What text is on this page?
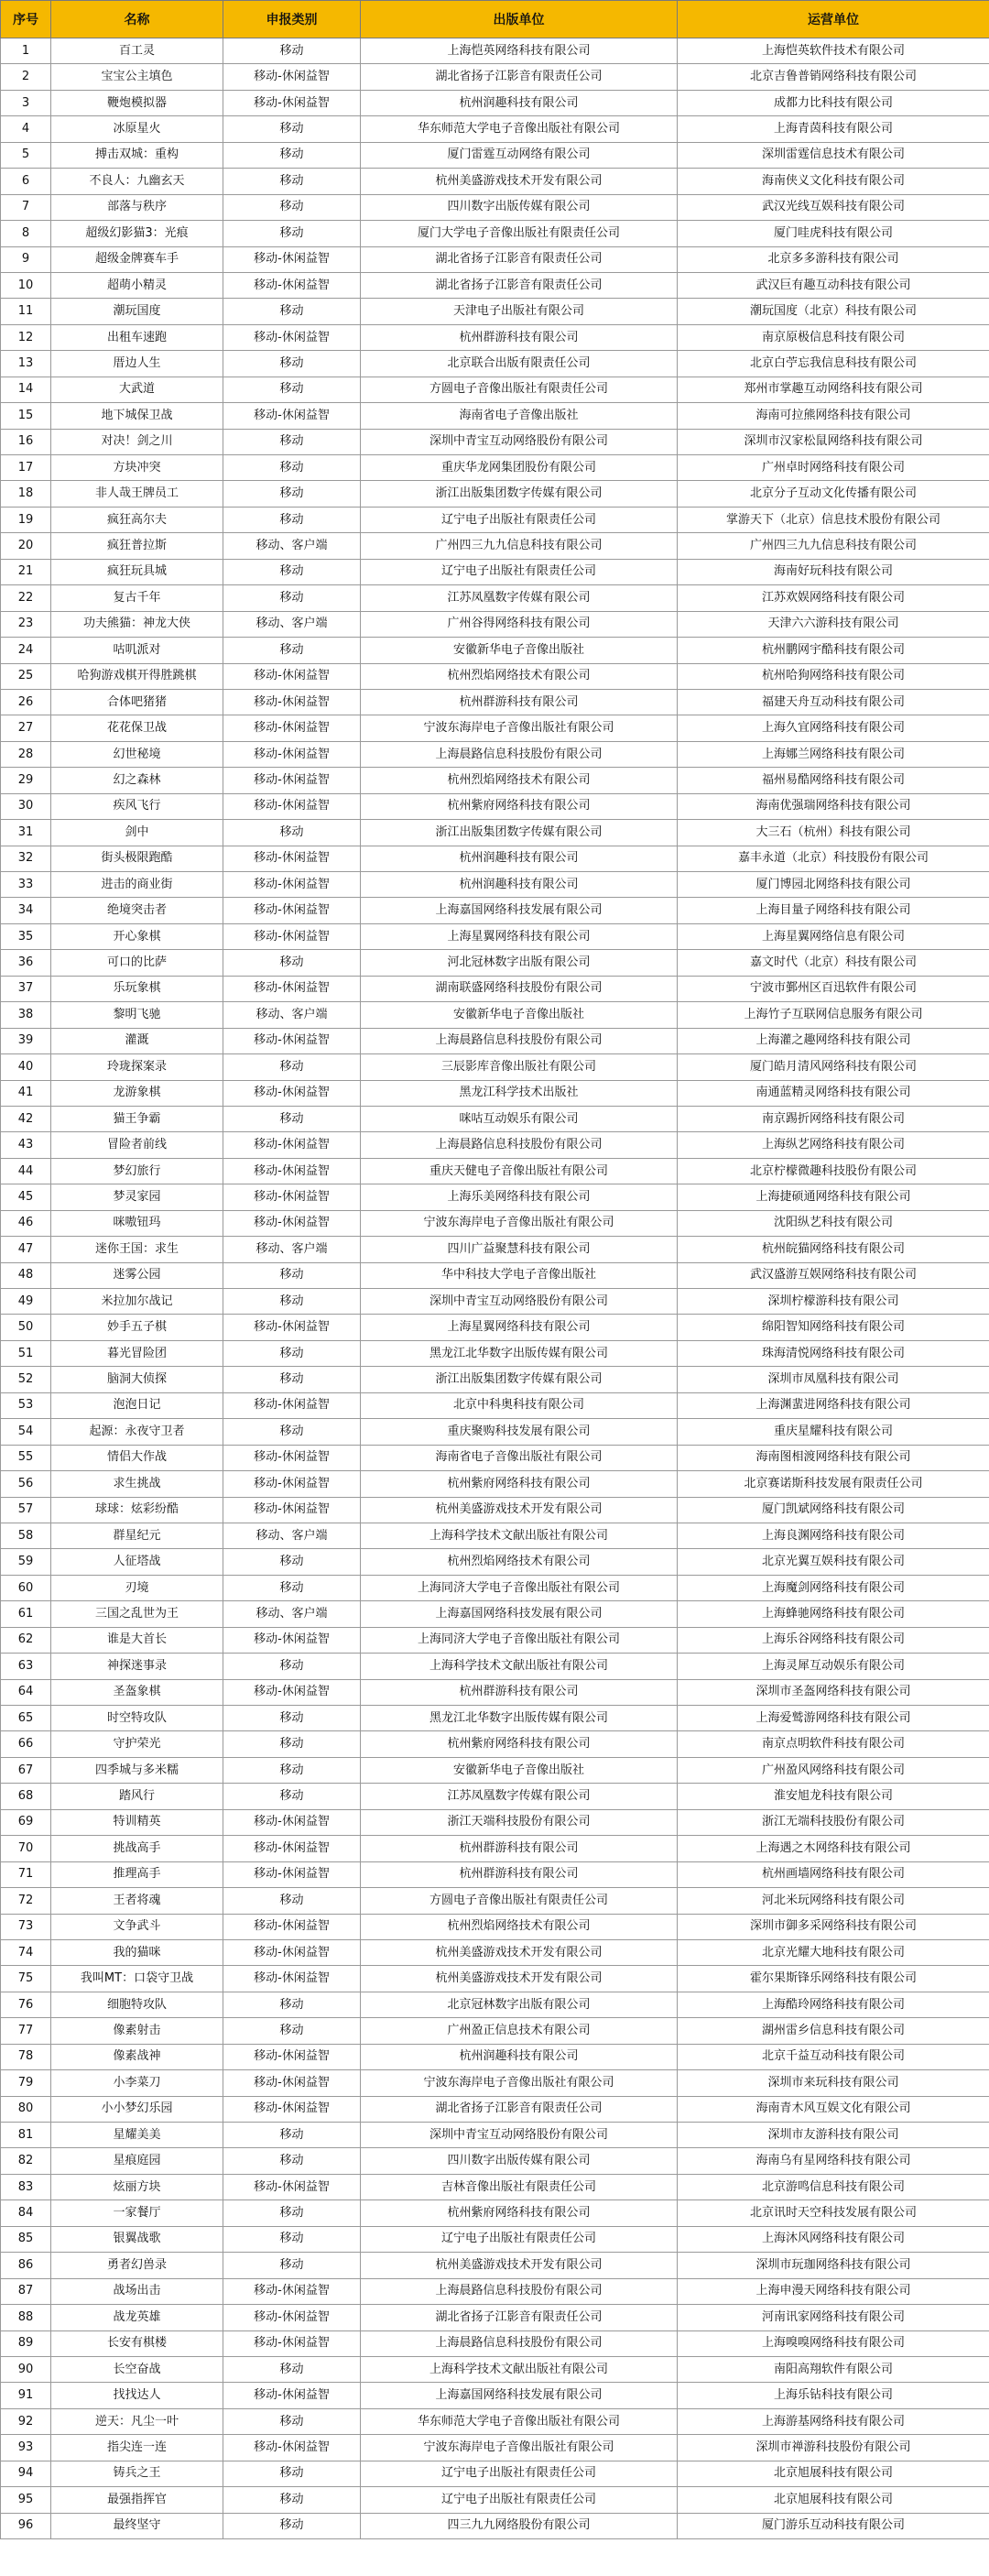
序号	名称	申报类别	出版单位	运营单位
1	百工灵	移动	上海恺英网络科技有限公司	上海恺英软件技术有限公司
2	宝宝公主填色	移动-休闲益智	湖北省扬子江影音有限责任公司	北京吉鲁普销网络科技有限公司
3	鞭炮模拟器	移动-休闲益智	杭州润趣科技有限公司	成都力比科技有限公司
4	冰原星火	移动	华东师范大学电子音像出版社有限公司	上海青茵科技有限公司
5	搏击双城：重构	移动	厦门雷霆互动网络有限公司	深圳雷霆信息技术有限公司
6	不良人：九幽玄天	移动	杭州美盛游戏技术开发有限公司	海南侠义文化科技有限公司
7	部落与秩序	移动	四川数字出版传媒有限公司	武汉光线互娱科技有限公司
8	超级幻影猫3：光痕	移动	厦门大学电子音像出版社有限责任公司	厦门哇虎科技有限公司
9	超级金牌赛车手	移动-休闲益智	湖北省扬子江影音有限责任公司	北京多多游科技有限公司
10	超萌小精灵	移动-休闲益智	湖北省扬子江影音有限责任公司	武汉巨有趣互动科技有限公司
11	潮玩国度	移动	天津电子出版社有限公司	潮玩国度（北京）科技有限公司
12	出租车速跑	移动-休闲益智	杭州群游科技有限公司	南京原极信息科技有限公司
13	厝边人生	移动	北京联合出版有限责任公司	北京白苧忘我信息科技有限公司
14	大武道	移动	方圆电子音像出版社有限责任公司	郑州市掌趣互动网络科技有限公司
15	地下城保卫战	移动-休闲益智	海南省电子音像出版社	海南可拉熊网络科技有限公司
16	对决！剑之川	移动	深圳中青宝互动网络股份有限公司	深圳市汉家松鼠网络科技有限公司
17	方块冲突	移动	重庆华龙网集团股份有限公司	广州卓时网络科技有限公司
18	非人哉王牌员工	移动	浙江出版集团数字传媒有限公司	北京分子互动文化传播有限公司
19	疯狂高尔夫	移动	辽宁电子出版社有限责任公司	掌游天下（北京）信息技术股份有限公司
20	疯狂普拉斯	移动、客户端	广州四三九九信息科技有限公司	广州四三九九信息科技有限公司
21	疯狂玩具城	移动	辽宁电子出版社有限责任公司	海南好玩科技有限公司
22	复古千年	移动	江苏凤凰数字传媒有限公司	江苏欢娱网络科技有限公司
23	功夫熊猫：神龙大侠	移动、客户端	广州谷得网络科技有限公司	天津六六游科技有限公司
24	咕叽派对	移动	安徽新华电子音像出版社	杭州鹏网宇酷科技有限公司
25	哈狗游戏棋开得胜跳棋	移动-休闲益智	杭州烈焰网络技术有限公司	杭州哈狗网络科技有限公司
26	合体吧猪猪	移动-休闲益智	杭州群游科技有限公司	福建天舟互动科技有限公司
27	花花保卫战	移动-休闲益智	宁波东海岸电子音像出版社有限公司	上海久宜网络科技有限公司
28	幻世秘境	移动-休闲益智	上海晨路信息科技股份有限公司	上海娜兰网络科技有限公司
29	幻之森林	移动-休闲益智	杭州烈焰网络技术有限公司	福州易酷网络科技有限公司
30	疾风飞行	移动-休闲益智	杭州紫府网络科技有限公司	海南优强瑞网络科技有限公司
31	剑中	移动	浙江出版集团数字传媒有限公司	大三石（杭州）科技有限公司
32	街头极限跑酷	移动-休闲益智	杭州润趣科技有限公司	嘉丰永道（北京）科技股份有限公司
33	进击的商业街	移动-休闲益智	杭州润趣科技有限公司	厦门博园北网络科技有限公司
34	绝境突击者	移动-休闲益智	上海嘉国网络科技发展有限公司	上海目量子网络科技有限公司
35	开心象棋	移动-休闲益智	上海星翼网络科技有限公司	上海星翼网络信息有限公司
36	可口的比萨	移动	河北冠林数字出版有限公司	嘉文时代（北京）科技有限公司
37	乐玩象棋	移动-休闲益智	湖南联盛网络科技股份有限公司	宁波市鄞州区百迅软件有限公司
38	黎明飞驰	移动、客户端	安徽新华电子音像出版社	上海竹子互联网信息服务有限公司
39	灌溉	移动-休闲益智	上海晨路信息科技股份有限公司	上海灌之趣网络科技有限公司
40	玲珑探案录	移动	三辰影库音像出版社有限公司	厦门皓月清风网络科技有限公司
41	龙游象棋	移动-休闲益智	黑龙江科学技术出版社	南通蓝精灵网络科技有限公司
42	猫王争霸	移动	咪咕互动娱乐有限公司	南京踢折网络科技有限公司
43	冒险者前线	移动-休闲益智	上海晨路信息科技股份有限公司	上海纵艺网络科技有限公司
44	梦幻旅行	移动-休闲益智	重庆天健电子音像出版社有限公司	北京柠檬微趣科技股份有限公司
45	梦灵家园	移动-休闲益智	上海乐美网络科技有限公司	上海捷硕通网络科技有限公司
46	咪嗷钮玛	移动-休闲益智	宁波东海岸电子音像出版社有限公司	沈阳纵艺科技有限公司
47	迷你王国：求生	移动、客户端	四川广益聚慧科技有限公司	杭州皖猫网络科技有限公司
48	迷雾公园	移动	华中科技大学电子音像出版社	武汉盛游互娱网络科技有限公司
49	米拉加尔战记	移动	深圳中青宝互动网络股份有限公司	深圳柠檬游科技有限公司
50	妙手五子棋	移动-休闲益智	上海星翼网络科技有限公司	绵阳智知网络科技有限公司
51	暮光冒险团	移动	黑龙江北华数字出版传媒有限公司	珠海清悦网络科技有限公司
52	脑洞大侦探	移动	浙江出版集团数字传媒有限公司	深圳市凤凰科技有限公司
53	泡泡日记	移动-休闲益智	北京中科奥科技有限公司	上海渊蜚进网络科技有限公司
54	起源：永夜守卫者	移动	重庆聚购科技发展有限公司	重庆星耀科技有限公司
55	情侣大作战	移动-休闲益智	海南省电子音像出版社有限公司	海南图相渡网络科技有限公司
56	求生挑战	移动-休闲益智	杭州紫府网络科技有限公司	北京赛诺斯科技发展有限责任公司
57	球球：炫彩纷酷	移动-休闲益智	杭州美盛游戏技术开发有限公司	厦门凯斌网络科技有限公司
58	群星纪元	移动、客户端	上海科学技术文献出版社有限公司	上海良渊网络科技有限公司
59	人征塔战	移动	杭州烈焰网络技术有限公司	北京光翼互娱科技有限公司
60	刃境	移动	上海同济大学电子音像出版社有限公司	上海魔剑网络科技有限公司
61	三国之乱世为王	移动、客户端	上海嘉国网络科技发展有限公司	上海蜂驰网络科技有限公司
62	谁是大首长	移动-休闲益智	上海同济大学电子音像出版社有限公司	上海乐谷网络科技有限公司
63	神探迷事录	移动	上海科学技术文献出版社有限公司	上海灵犀互动娱乐有限公司
64	圣盔象棋	移动-休闲益智	杭州群游科技有限公司	深圳市圣盔网络科技有限公司
65	时空特攻队	移动	黑龙江北华数字出版传媒有限公司	上海爱鹫游网络科技有限公司
66	守护荣光	移动	杭州紫府网络科技有限公司	南京点明软件科技有限公司
67	四季城与多米糯	移动	安徽新华电子音像出版社	广州盈风网络科技有限公司
68	踏风行	移动	江苏凤凰数字传媒有限公司	淮安旭龙科技有限公司
69	特训精英	移动-休闲益智	浙江天端科技股份有限公司	浙江无端科技股份有限公司
70	挑战高手	移动-休闲益智	杭州群游科技有限公司	上海遇之木网络科技有限公司
71	推理高手	移动-休闲益智	杭州群游科技有限公司	杭州画墙网络科技有限公司
72	王者将魂	移动	方圆电子音像出版社有限责任公司	河北米玩网络科技有限公司
73	文争武斗	移动-休闲益智	杭州烈焰网络技术有限公司	深圳市御多采网络科技有限公司
74	我的猫咪	移动-休闲益智	杭州美盛游戏技术开发有限公司	北京光耀大地科技有限公司
75	我叫MT：口袋守卫战	移动-休闲益智	杭州美盛游戏技术开发有限公司	霍尔果斯锋乐网络科技有限公司
76	细胞特攻队	移动	北京冠林数字出版有限公司	上海酷玲网络科技有限公司
77	像素射击	移动	广州盈正信息技术有限公司	湖州雷乡信息科技有限公司
78	像素战神	移动-休闲益智	杭州润趣科技有限公司	北京千益互动科技有限公司
79	小李菜刀	移动-休闲益智	宁波东海岸电子音像出版社有限公司	深圳市来玩科技有限公司
80	小小梦幻乐园	移动-休闲益智	湖北省扬子江影音有限责任公司	海南青木风互娱文化有限公司
81	星耀美美	移动	深圳中青宝互动网络股份有限公司	深圳市友游科技有限公司
82	星痕庭园	移动	四川数字出版传媒有限公司	海南乌有星网络科技有限公司
83	炫丽方块	移动-休闲益智	吉林音像出版社有限责任公司	北京游鸣信息科技有限公司
84	一家餐厅	移动	杭州紫府网络科技有限公司	北京讯时天空科技发展有限公司
85	银翼战歌	移动	辽宁电子出版社有限责任公司	上海沐风网络科技有限公司
86	勇者幻兽录	移动	杭州美盛游戏技术开发有限公司	深圳市玩珈网络科技有限公司
87	战场出击	移动-休闲益智	上海晨路信息科技股份有限公司	上海申漫天网络科技有限公司
88	战龙英雄	移动-休闲益智	湖北省扬子江影音有限责任公司	河南讯家网络科技有限公司
89	长安有棋楼	移动-休闲益智	上海晨路信息科技股份有限公司	上海嗅嗅网络科技有限公司
90	长空奋战	移动	上海科学技术文献出版社有限公司	南阳高翔软件有限公司
91	找找达人	移动-休闲益智	上海嘉国网络科技发展有限公司	上海乐钻科技有限公司
92	逆天：凡尘一叶	移动	华东师范大学电子音像出版社有限公司	上海游基网络科技有限公司
93	指尖连一连	移动-休闲益智	宁波东海岸电子音像出版社有限公司	深圳市禅游科技股份有限公司
94	铸兵之王	移动	辽宁电子出版社有限责任公司	北京旭展科技有限公司
95	最强指挥官	移动	辽宁电子出版社有限责任公司	北京旭展科技有限公司
96	最终坚守	移动	四三九九网络股份有限公司	厦门游乐互动科技有限公司
